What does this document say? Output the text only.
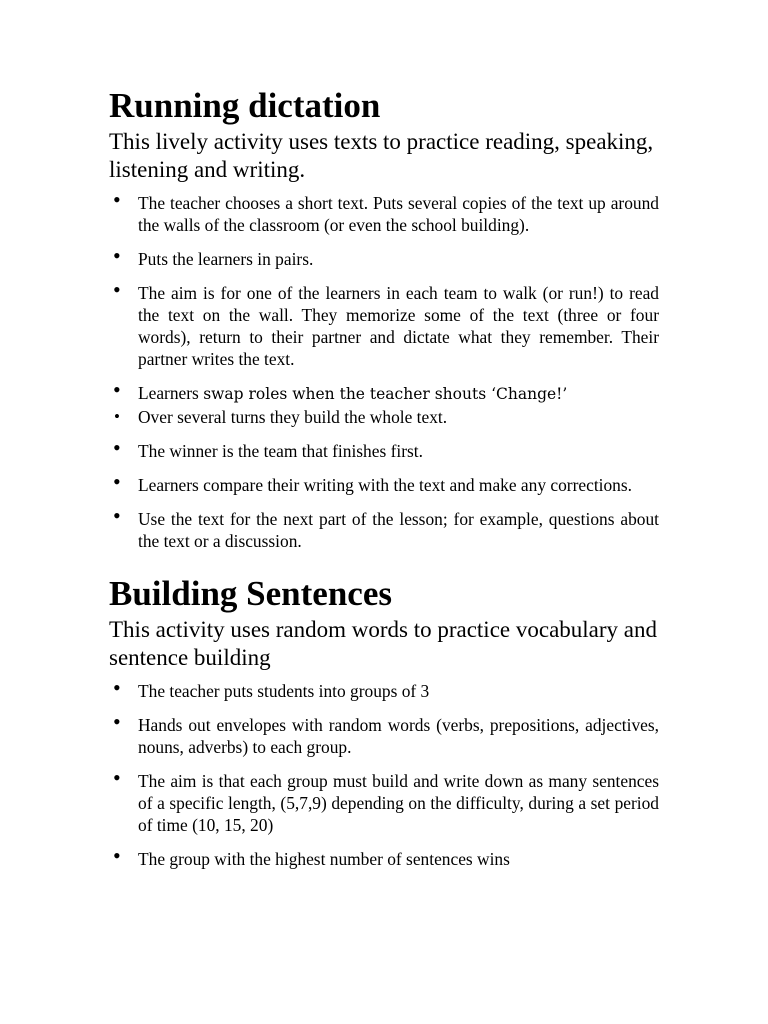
Running dictation

This lively activity uses texts to practice reading, speaking, listening and writing.

• The teacher chooses a short text. Puts several copies of the text up around the walls of the classroom (or even the school building).
• Puts the learners in pairs.
• The aim is for one of the learners in each team to walk (or run!) to read the text on the wall. They memorize some of the text (three or four words), return to their partner and dictate what they remember. Their partner writes the text.
• Learners swap roles when the teacher shouts ‘Change!’
• Over several turns they build the whole text.
• The winner is the team that finishes first.
• Learners compare their writing with the text and make any corrections.
• Use the text for the next part of the lesson; for example, questions about the text or a discussion.
Building Sentences

This activity uses random words to practice vocabulary and sentence building

• The teacher puts students into groups of 3
• Hands out envelopes with random words (verbs, prepositions, adjectives, nouns, adverbs) to each group.
• The aim is that each group must build and write down as many sentences of a specific length, (5,7,9) depending on the difficulty, during a set period of time (10, 15, 20)
• The group with the highest number of sentences wins
